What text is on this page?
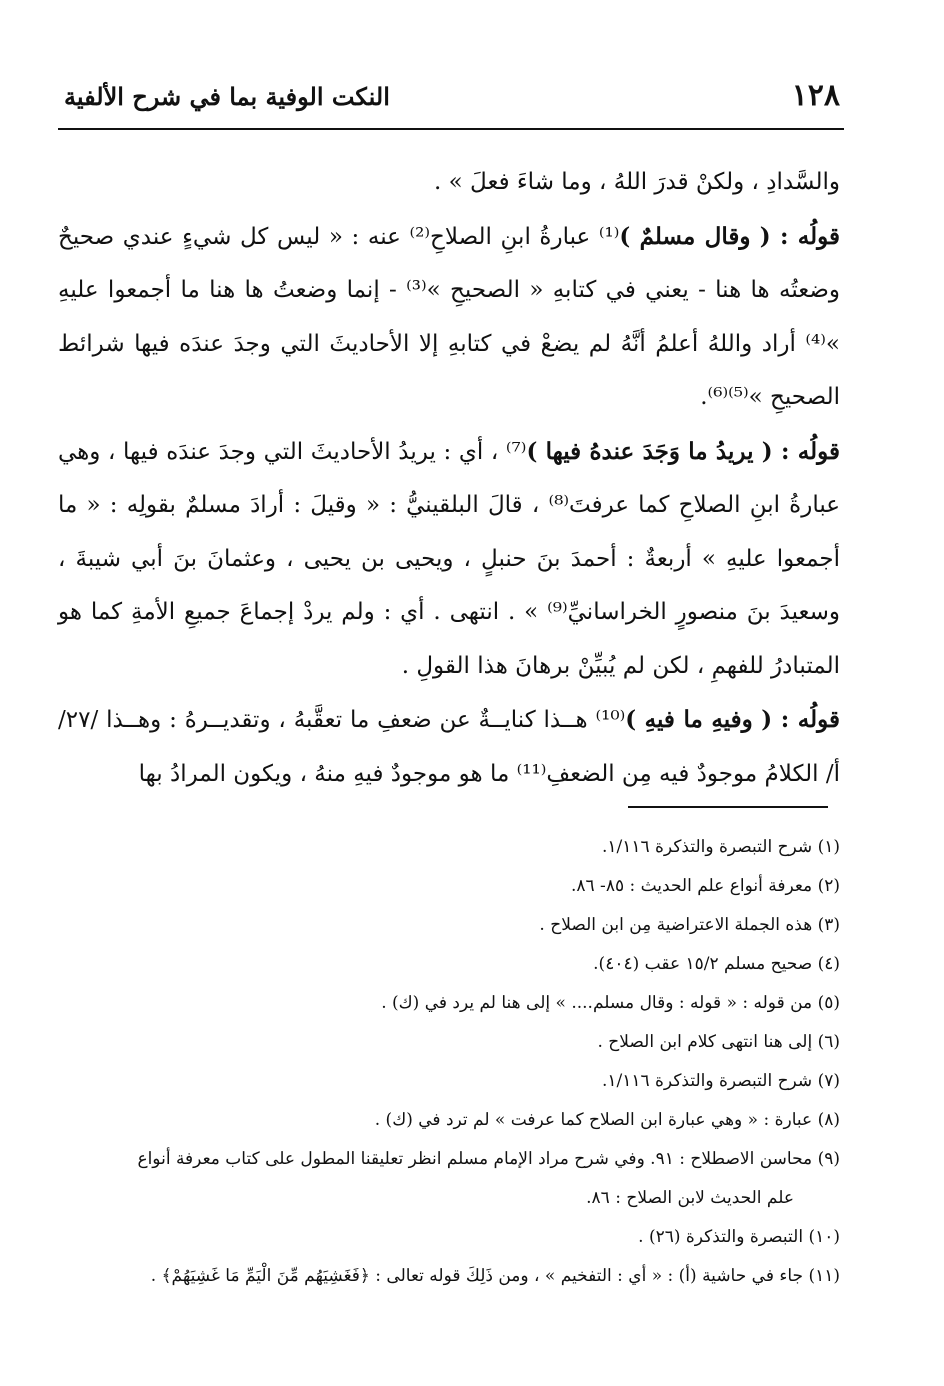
١٢٨
النكت الوفية بما في شرح الألفية

والسَّدادِ ، ولكنْ قدرَ اللهُ ، وما شاءَ فعلَ » .

قولُه : ( وقال مسلمٌ )⁽¹⁾ عبارةُ ابنِ الصلاحِ⁽²⁾ عنه : « ليس كل شيءٍ عندي صحيحٌ وضعتُه ها هنا - يعني في كتابهِ « الصحيحِ »⁽³⁾ - إنما وضعتُ ها هنا ما أجمعوا عليهِ »⁽⁴⁾ أراد واللهُ أعلمُ أنَّهُ لم يضعْ في كتابهِ إلا الأحاديثَ التي وجدَ عندَه فيها شرائط الصحيحِ »⁽⁵⁾⁽⁶⁾.

قولُه : ( يريدُ ما وَجَدَ عندهُ فيها )⁽⁷⁾ ، أي : يريدُ الأحاديثَ التي وجدَ عندَه فيها ، وهي عبارةُ ابنِ الصلاحِ كما عرفتَ⁽⁸⁾ ، قالَ البلقينيُّ : « وقيلَ : أرادَ مسلمٌ بقولِه : « ما أجمعوا عليهِ » أربعةٌ : أحمدَ بنَ حنبلٍ ، ويحيى بن يحيى ، وعثمانَ بنَ أبي شيبةَ ، وسعيدَ بنَ منصورٍ الخراسانيِّ⁽⁹⁾ » . انتهى . أي : ولم يردْ إجماعَ جميعِ الأمةِ كما هو المتبادرُ للفهمِ ، لكن لم يُبيِّنْ برهانَ هذا القولِ .

قولُه : ( وفيهِ ما فيهِ )⁽¹⁰⁾ هــذا كنايــةٌ عن ضعفِ ما تعقَّبهُ ، وتقديــرهُ : وهــذا /٢٧/أ/ الكلامُ موجودٌ فيه مِن الضعفِ⁽¹¹⁾ ما هو موجودٌ فيهِ منهُ ، ويكون المرادُ بها

(١) شرح التبصرة والتذكرة ١/١١٦.

(٢) معرفة أنواع علم الحديث : ٨٥- ٨٦.

(٣) هذه الجملة الاعتراضية مِن ابن الصلاح .

(٤) صحيح مسلم ١٥/٢ عقب (٤٠٤).

(٥) من قوله : « قوله : وقال مسلم.... » إلى هنا لم يرد في (ك) .

(٦) إلى هنا انتهى كلام ابن الصلاح .

(٧) شرح التبصرة والتذكرة ١/١١٦.

(٨) عبارة : « وهي عبارة ابن الصلاح كما عرفت » لم ترد في (ك) .

(٩) محاسن الاصطلاح : ٩١. وفي شرح مراد الإمام مسلم انظر تعليقنا المطول على كتاب معرفة أنواع

علم الحديث لابن الصلاح : ٨٦.

(١٠) التبصرة والتذكرة (٢٦) .

(١١) جاء في حاشية (أ) : « أي : التفخيم » ، ومن ذَلِكَ قوله تعالى : ﴿فَغَشِيَهُم مِّنَ الْيَمِّ مَا غَشِيَهُمْ﴾ .
